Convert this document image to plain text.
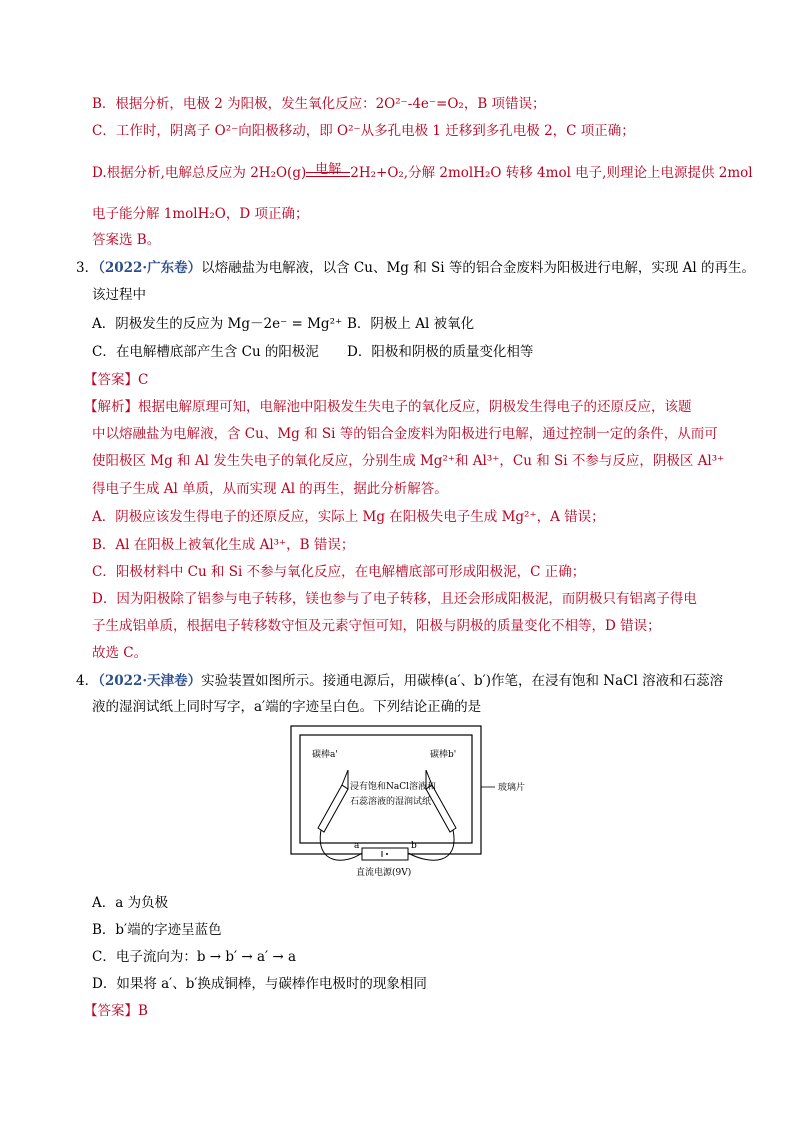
B．根据分析，电极 2 为阳极，发生氧化反应：2O²⁻-4e⁻=O₂，B 项错误；
C．工作时，阴离子 O²⁻向阳极移动，即 O²⁻从多孔电极 1 迁移到多孔电极 2，C 项正确；
D.根据分析,电解总反应为 2H₂O(g) 电解 2H₂+O₂,分解 2molH₂O 转移 4mol 电子,则理论上电源提供 2mol
电子能分解 1molH₂O，D 项正确；
答案选 B。
3．（2022·广东卷）以熔融盐为电解液，以含 Cu、Mg 和 Si 等的铝合金废料为阳极进行电解，实现 Al 的再生。
该过程中
A．阴极发生的反应为 Mg－2e⁻ = Mg²⁺ B．阴极上 Al 被氧化
C．在电解槽底部产生含 Cu 的阳极泥 D．阳极和阴极的质量变化相等
【答案】C
【解析】根据电解原理可知，电解池中阳极发生失电子的氧化反应，阴极发生得电子的还原反应，该题
中以熔融盐为电解液，含 Cu、Mg 和 Si 等的铝合金废料为阳极进行电解，通过控制一定的条件，从而可
使阳极区 Mg 和 Al 发生失电子的氧化反应，分别生成 Mg²⁺和 Al³⁺，Cu 和 Si 不参与反应，阴极区 Al³⁺
得电子生成 Al 单质，从而实现 Al 的再生，据此分析解答。
A．阴极应该发生得电子的还原反应，实际上 Mg 在阳极失电子生成 Mg²⁺，A 错误；
B．Al 在阳极上被氧化生成 Al³⁺，B 错误；
C．阳极材料中 Cu 和 Si 不参与氧化反应，在电解槽底部可形成阳极泥，C 正确；
D．因为阳极除了铝参与电子转移，镁也参与了电子转移，且还会形成阳极泥，而阴极只有铝离子得电
子生成铝单质，根据电子转移数守恒及元素守恒可知，阳极与阴极的质量变化不相等，D 错误；
故选 C。
4．（2022·天津卷）实验装置如图所示。接通电源后，用碳棒(a′、b′)作笔，在浸有饱和 NaCl 溶液和石蕊溶
液的湿润试纸上同时写字，a′端的字迹呈白色。下列结论正确的是
碳棒a'	碳棒b'
浸有饱和NaCl溶液和
石蕊溶液的湿润试纸
玻璃片
a	b
直流电源(9V)
A．a 为负极
B．b′端的字迹呈蓝色
C．电子流向为：b → b′ → a′ → a
D．如果将 a′、b′换成铜棒，与碳棒作电极时的现象相同
【答案】B
